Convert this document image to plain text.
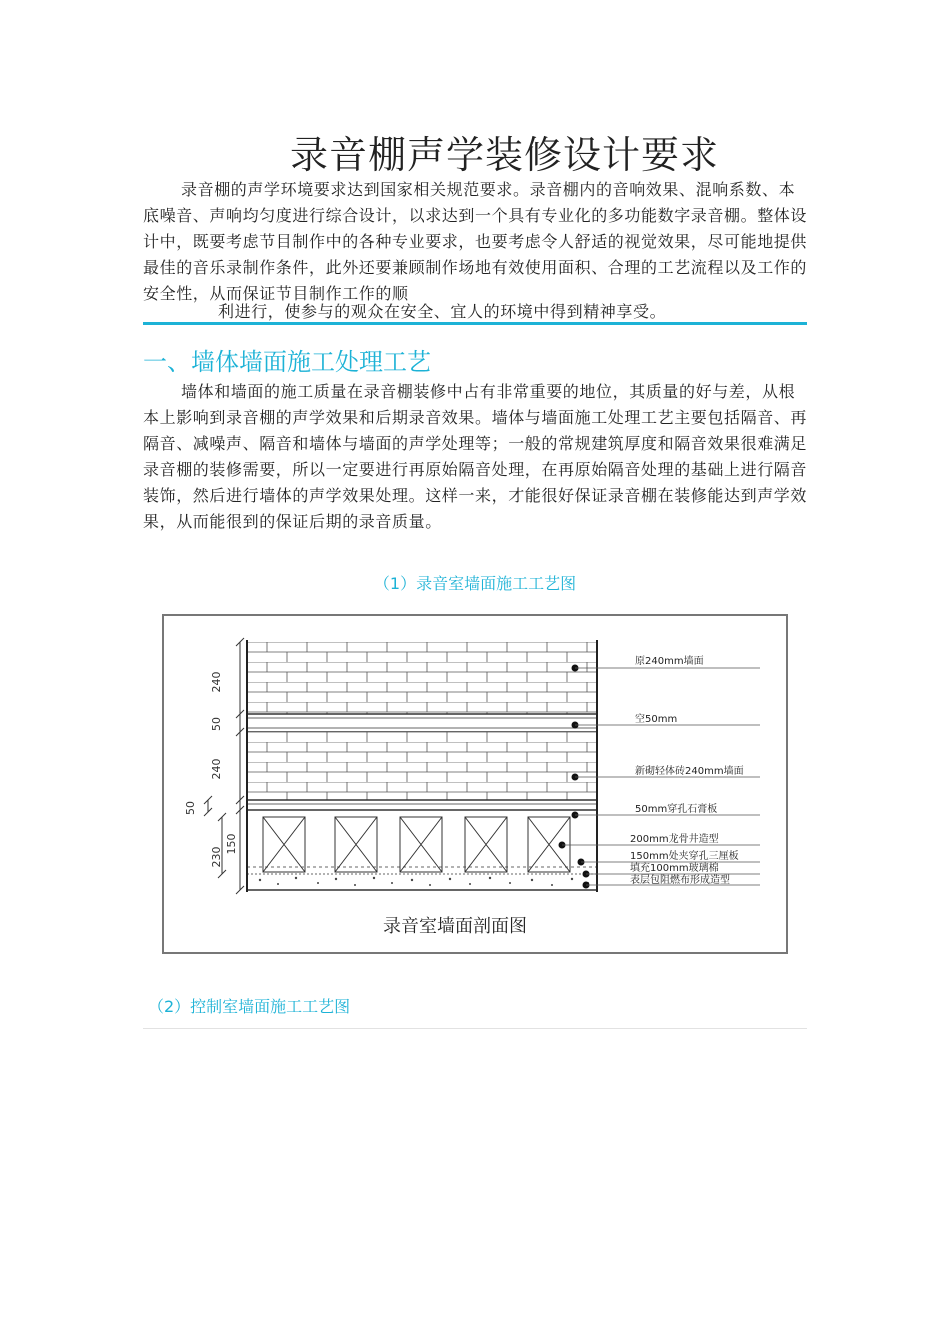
录音棚声学装修设计要求
录音棚的声学环境要求达到国家相关规范要求。录音棚内的音响效果、混响系数、本底噪音、声响均匀度进行综合设计，以求达到一个具有专业化的多功能数字录音棚。整体设计中，既要考虑节目制作中的各种专业要求，也要考虑令人舒适的视觉效果，尽可能地提供最佳的音乐录制作条件，此外还要兼顾制作场地有效使用面积、合理的工艺流程以及工作的安全性，从而保证节目制作工作的顺
利进行，使参与的观众在安全、宜人的环境中得到精神享受。
一、墙体墙面施工处理工艺
墙体和墙面的施工质量在录音棚装修中占有非常重要的地位，其质量的好与差，从根本上影响到录音棚的声学效果和后期录音效果。墙体与墙面施工处理工艺主要包括隔音、再隔音、减噪声、隔音和墙体与墙面的声学处理等；一般的常规建筑厚度和隔音效果很难满足录音棚的装修需要，所以一定要进行再原始隔音处理，在再原始隔音处理的基础上进行隔音装饰，然后进行墙体的声学效果处理。这样一来，才能很好保证录音棚在装修能达到声学效果，从而能很到的保证后期的录音质量。
（1）录音室墙面施工工艺图
240
50
240
50
150
230
原240mm墙面
空50mm
新砌轻体砖240mm墙面
50mm穿孔石膏板
200mm龙骨井造型
150mm处夹穿孔三厘板
填充100mm玻璃棉
表层包阻燃布形成造型
录音室墙面剖面图
（2）控制室墙面施工工艺图
